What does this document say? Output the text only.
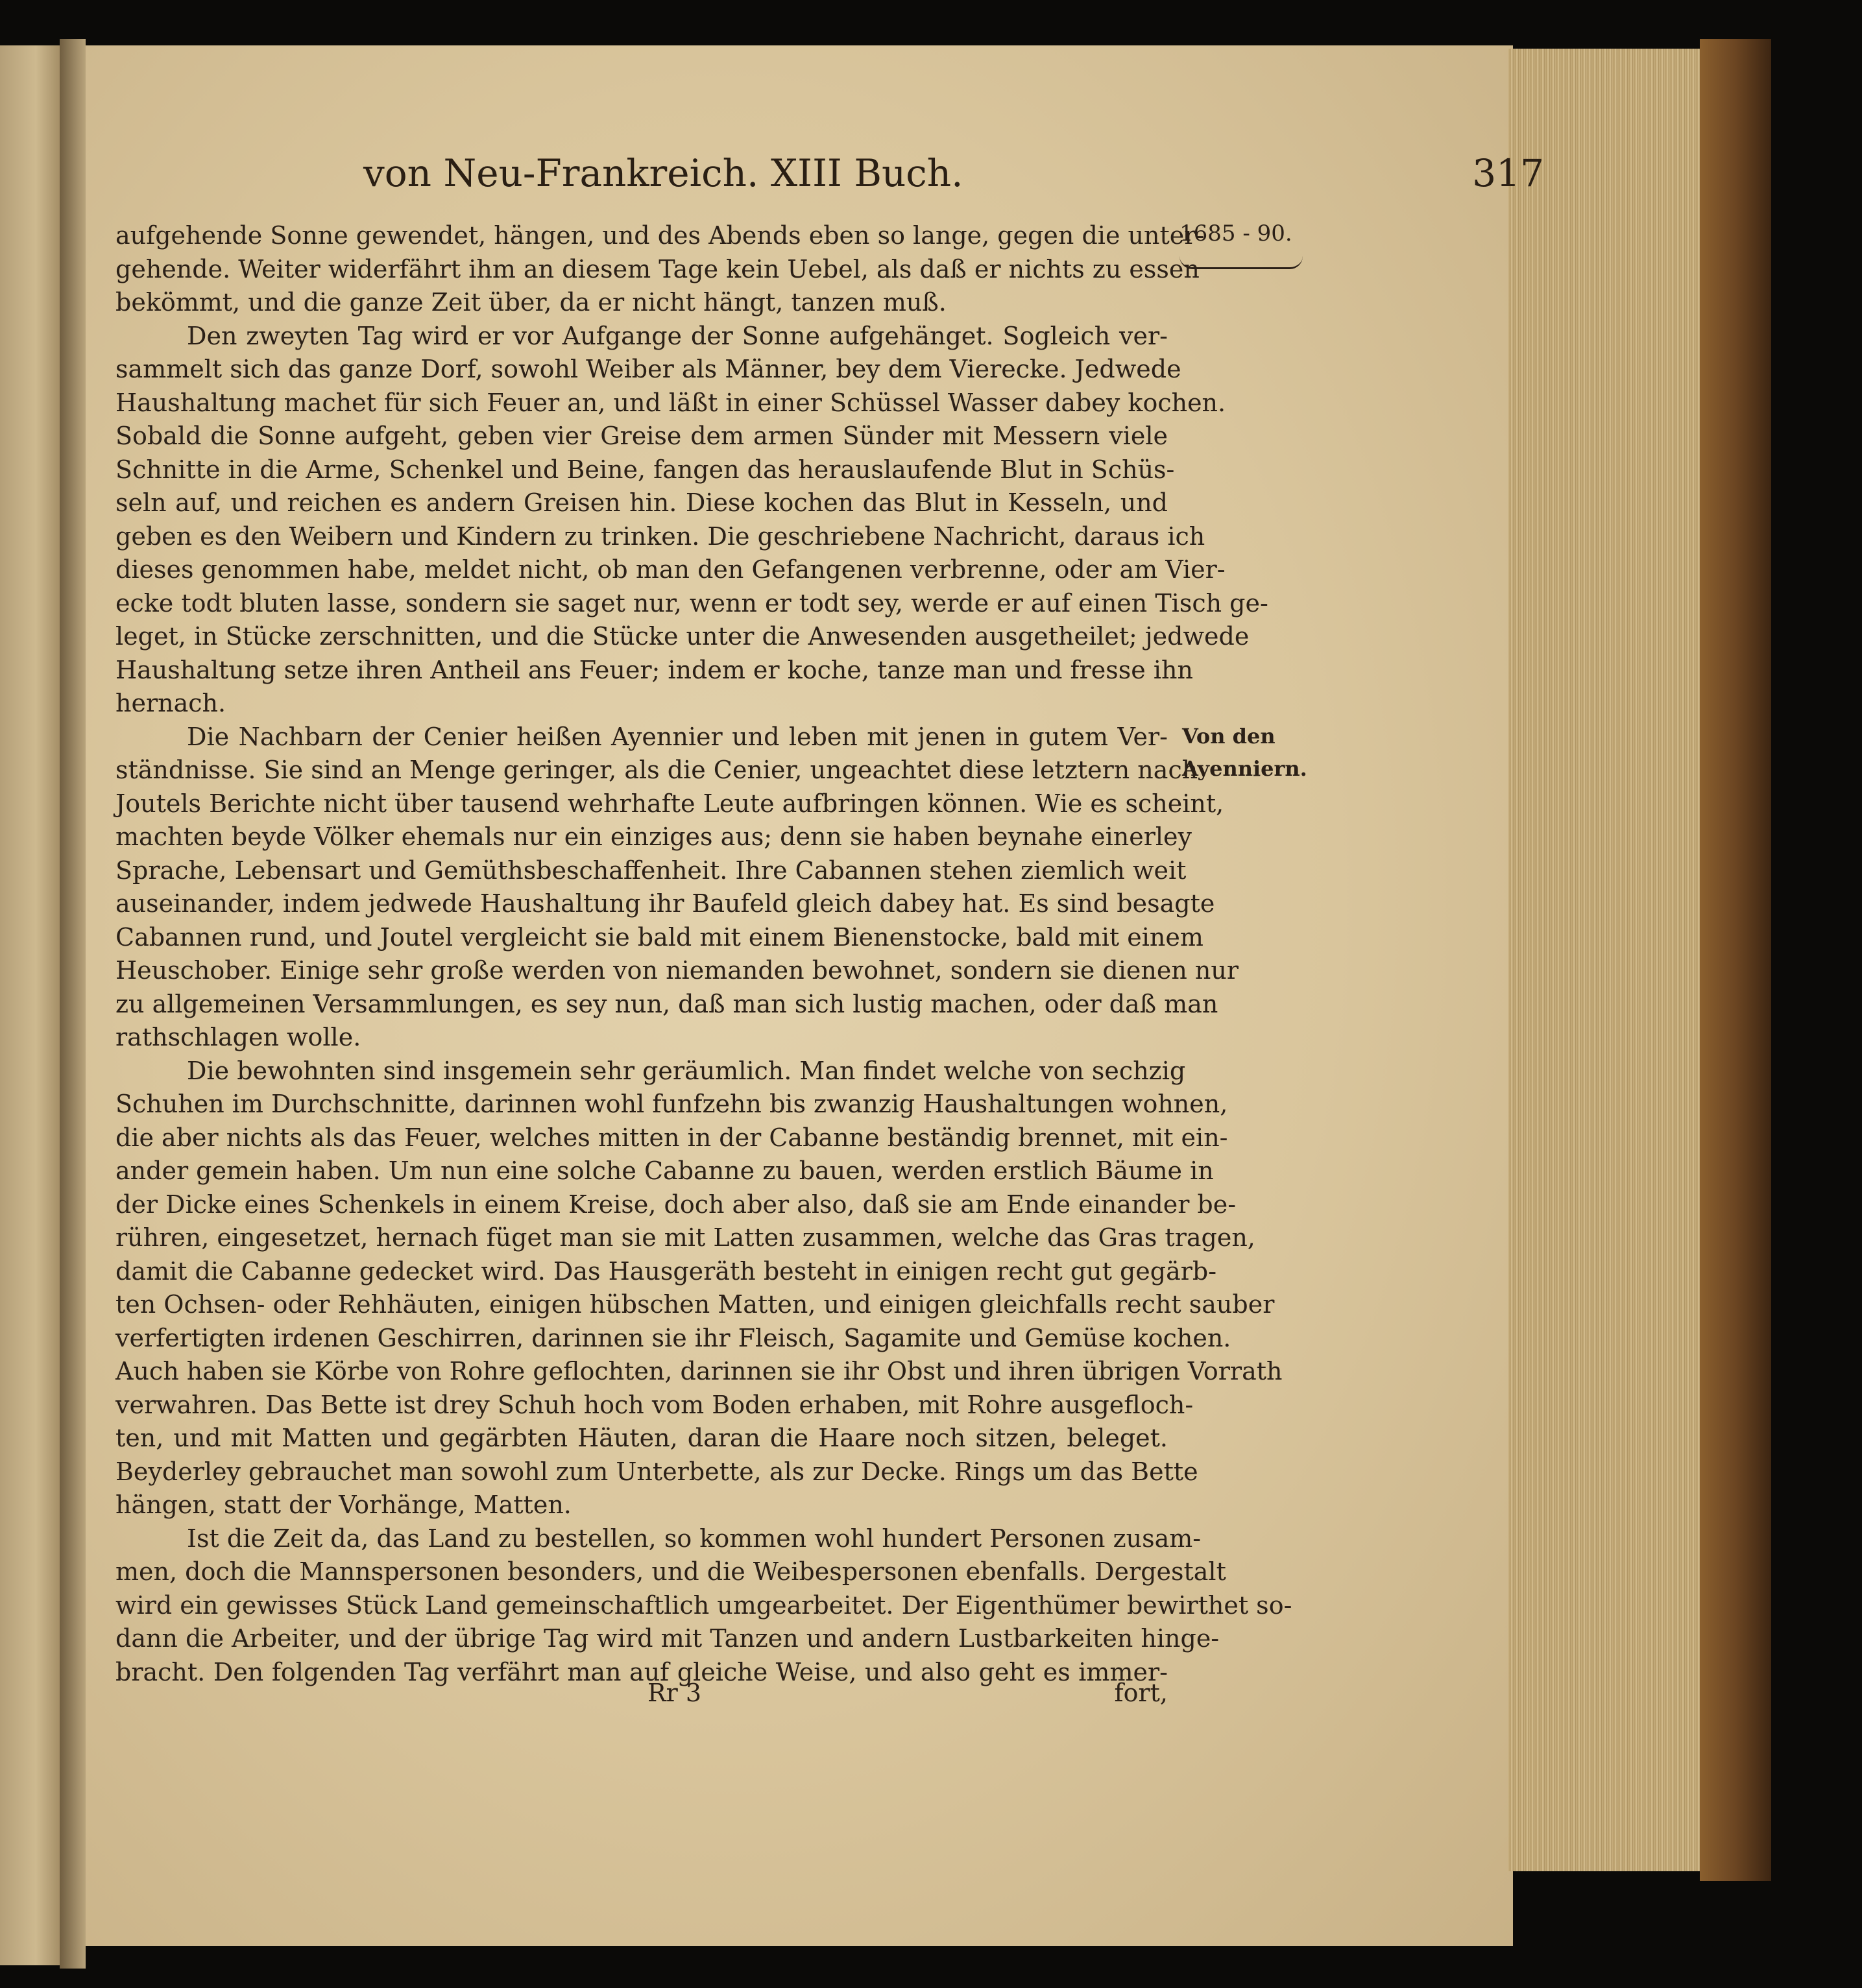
von Neu-Frankreich. XIII Buch.	317
1685 - 90.
Von den
Ayenniern.
aufgehende Sonne gewendet, hängen, und des Abends eben so lange, gegen die unter-
gehende. Weiter widerfährt ihm an diesem Tage kein Uebel, als daß er nichts zu essen
bekömmt, und die ganze Zeit über, da er nicht hängt, tanzen muß.
Den zweyten Tag wird er vor Aufgange der Sonne aufgehänget. Sogleich ver-
sammelt sich das ganze Dorf, sowohl Weiber als Männer, bey dem Vierecke. Jedwede
Haushaltung machet für sich Feuer an, und läßt in einer Schüssel Wasser dabey kochen.
Sobald die Sonne aufgeht, geben vier Greise dem armen Sünder mit Messern viele
Schnitte in die Arme, Schenkel und Beine, fangen das herauslaufende Blut in Schüs-
seln auf, und reichen es andern Greisen hin. Diese kochen das Blut in Kesseln, und
geben es den Weibern und Kindern zu trinken. Die geschriebene Nachricht, daraus ich
dieses genommen habe, meldet nicht, ob man den Gefangenen verbrenne, oder am Vier-
ecke todt bluten lasse, sondern sie saget nur, wenn er todt sey, werde er auf einen Tisch ge-
leget, in Stücke zerschnitten, und die Stücke unter die Anwesenden ausgetheilet; jedwede
Haushaltung setze ihren Antheil ans Feuer; indem er koche, tanze man und fresse ihn
hernach.
Die Nachbarn der Cenier heißen Ayennier und leben mit jenen in gutem Ver-
ständnisse. Sie sind an Menge geringer, als die Cenier, ungeachtet diese letztern nach
Joutels Berichte nicht über tausend wehrhafte Leute aufbringen können. Wie es scheint,
machten beyde Völker ehemals nur ein einziges aus; denn sie haben beynahe einerley
Sprache, Lebensart und Gemüthsbeschaffenheit. Ihre Cabannen stehen ziemlich weit
auseinander, indem jedwede Haushaltung ihr Baufeld gleich dabey hat. Es sind besagte
Cabannen rund, und Joutel vergleicht sie bald mit einem Bienenstocke, bald mit einem
Heuschober. Einige sehr große werden von niemanden bewohnet, sondern sie dienen nur
zu allgemeinen Versammlungen, es sey nun, daß man sich lustig machen, oder daß man
rathschlagen wolle.
Die bewohnten sind insgemein sehr geräumlich. Man findet welche von sechzig
Schuhen im Durchschnitte, darinnen wohl funfzehn bis zwanzig Haushaltungen wohnen,
die aber nichts als das Feuer, welches mitten in der Cabanne beständig brennet, mit ein-
ander gemein haben. Um nun eine solche Cabanne zu bauen, werden erstlich Bäume in
der Dicke eines Schenkels in einem Kreise, doch aber also, daß sie am Ende einander be-
rühren, eingesetzet, hernach füget man sie mit Latten zusammen, welche das Gras tragen,
damit die Cabanne gedecket wird. Das Hausgeräth besteht in einigen recht gut gegärb-
ten Ochsen- oder Rehhäuten, einigen hübschen Matten, und einigen gleichfalls recht sauber
verfertigten irdenen Geschirren, darinnen sie ihr Fleisch, Sagamite und Gemüse kochen.
Auch haben sie Körbe von Rohre geflochten, darinnen sie ihr Obst und ihren übrigen Vorrath
verwahren. Das Bette ist drey Schuh hoch vom Boden erhaben, mit Rohre ausgefloch-
ten, und mit Matten und gegärbten Häuten, daran die Haare noch sitzen, beleget.
Beyderley gebrauchet man sowohl zum Unterbette, als zur Decke. Rings um das Bette
hängen, statt der Vorhänge, Matten.
Ist die Zeit da, das Land zu bestellen, so kommen wohl hundert Personen zusam-
men, doch die Mannspersonen besonders, und die Weibespersonen ebenfalls. Dergestalt
wird ein gewisses Stück Land gemeinschaftlich umgearbeitet. Der Eigenthümer bewirthet so-
dann die Arbeiter, und der übrige Tag wird mit Tanzen und andern Lustbarkeiten hinge-
bracht. Den folgenden Tag verfährt man auf gleiche Weise, und also geht es immer-
Rr 3	fort,
